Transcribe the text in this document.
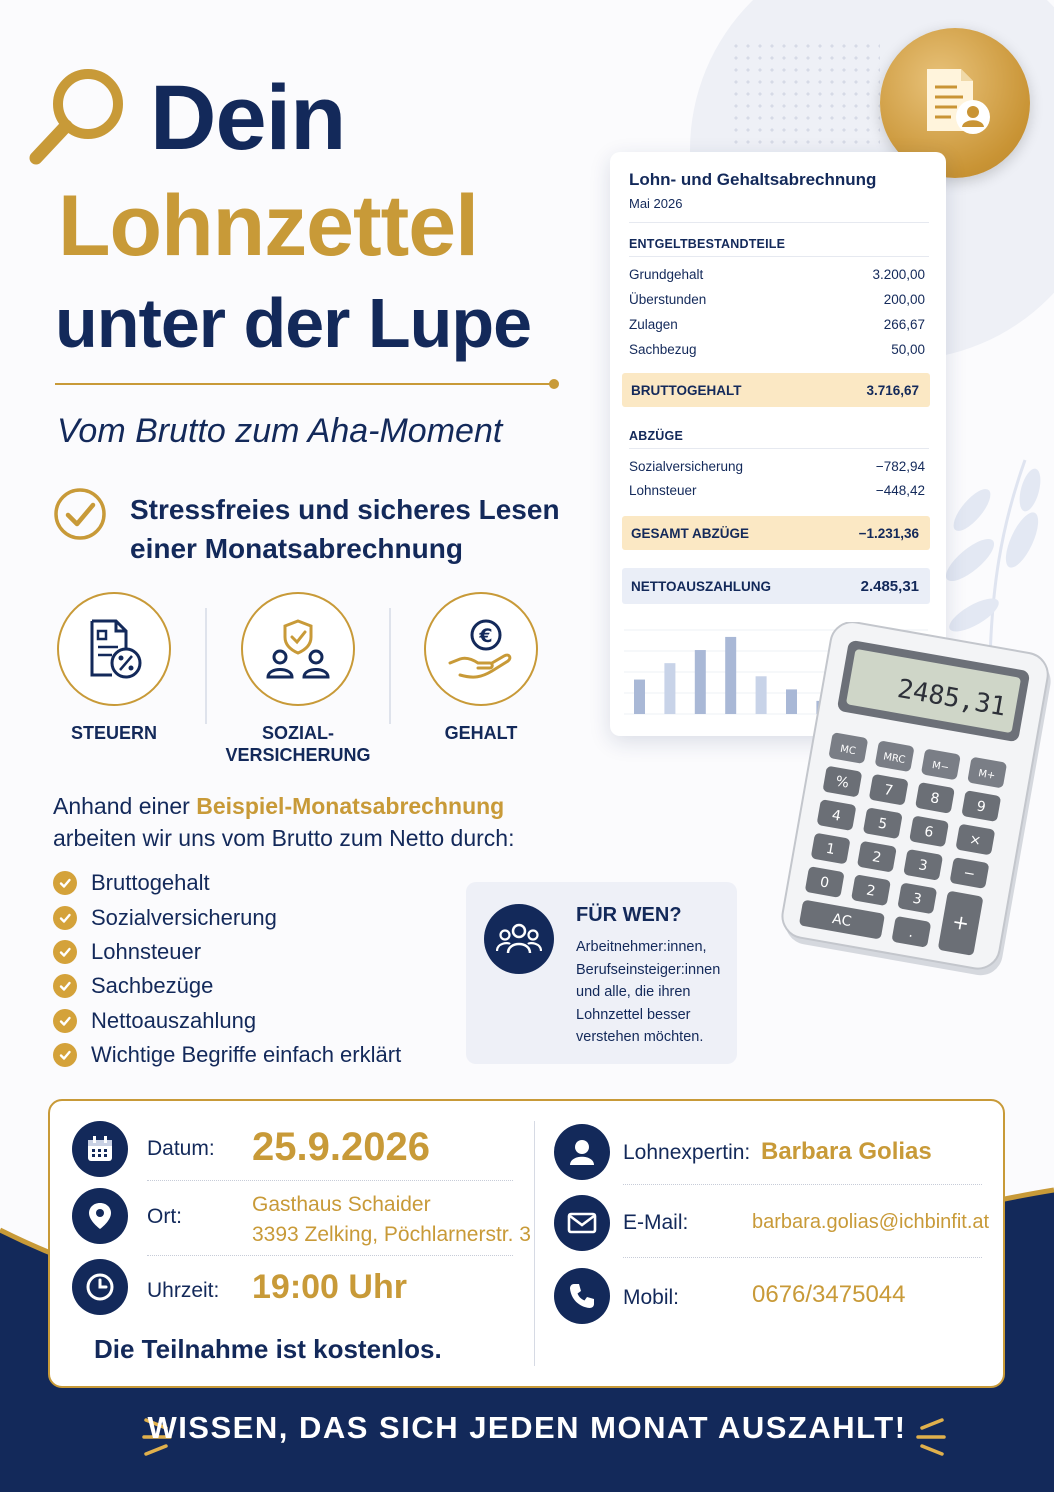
Dein
Lohnzettel
unter der Lupe
Vom Brutto zum Aha-Moment
Stressfreies und sicheres Lesen einer Monatsabrechnung
STEUERN	SOZIAL-
VERSICHERUNG
€
GEHALT
Anhand einer Beispiel-Monatsabrechnung arbeiten wir uns vom Brutto zum Netto durch:
Bruttogehalt
Sozialversicherung
Lohnsteuer
Sachbezüge
Nettoauszahlung
Wichtige Begriffe einfach erklärt
FÜR WEN?
Arbeitnehmer:innen, Berufseinsteiger:innen und alle, die ihren Lohnzettel besser verstehen möchten.
Lohn- und Gehaltsabrechnung
Mai 2026
ENTGELTBESTANDTEILE
Grundgehalt	3.200,00
Überstunden	200,00
Zulagen	266,67
Sachbezug	50,00
BRUTTOGEHALT	3.716,67
ABZÜGE
Sozialversicherung	−782,94
Lohnsteuer	−448,42
GESAMT ABZÜGE	−1.231,36
NETTOAUSZAHLUNG	2.485,31
2485,31
MC
MRC
M−
M+
% 7 8 9
4 5 6 ×
1 2 3 −
0 2 3
AC
. +
Datum: 25.9.2026
Ort:
Gasthaus Schaider
3393 Zelking, Pöchlarnerstr. 3
Uhrzeit: 19:00 Uhr
Die Teilnahme ist kostenlos.
Lohnexpertin: Barbara Golias
E-Mail:	barbara.golias@ichbinfit.at
Mobil:	0676/3475044
WISSEN, DAS SICH JEDEN MONAT AUSZAHLT!
